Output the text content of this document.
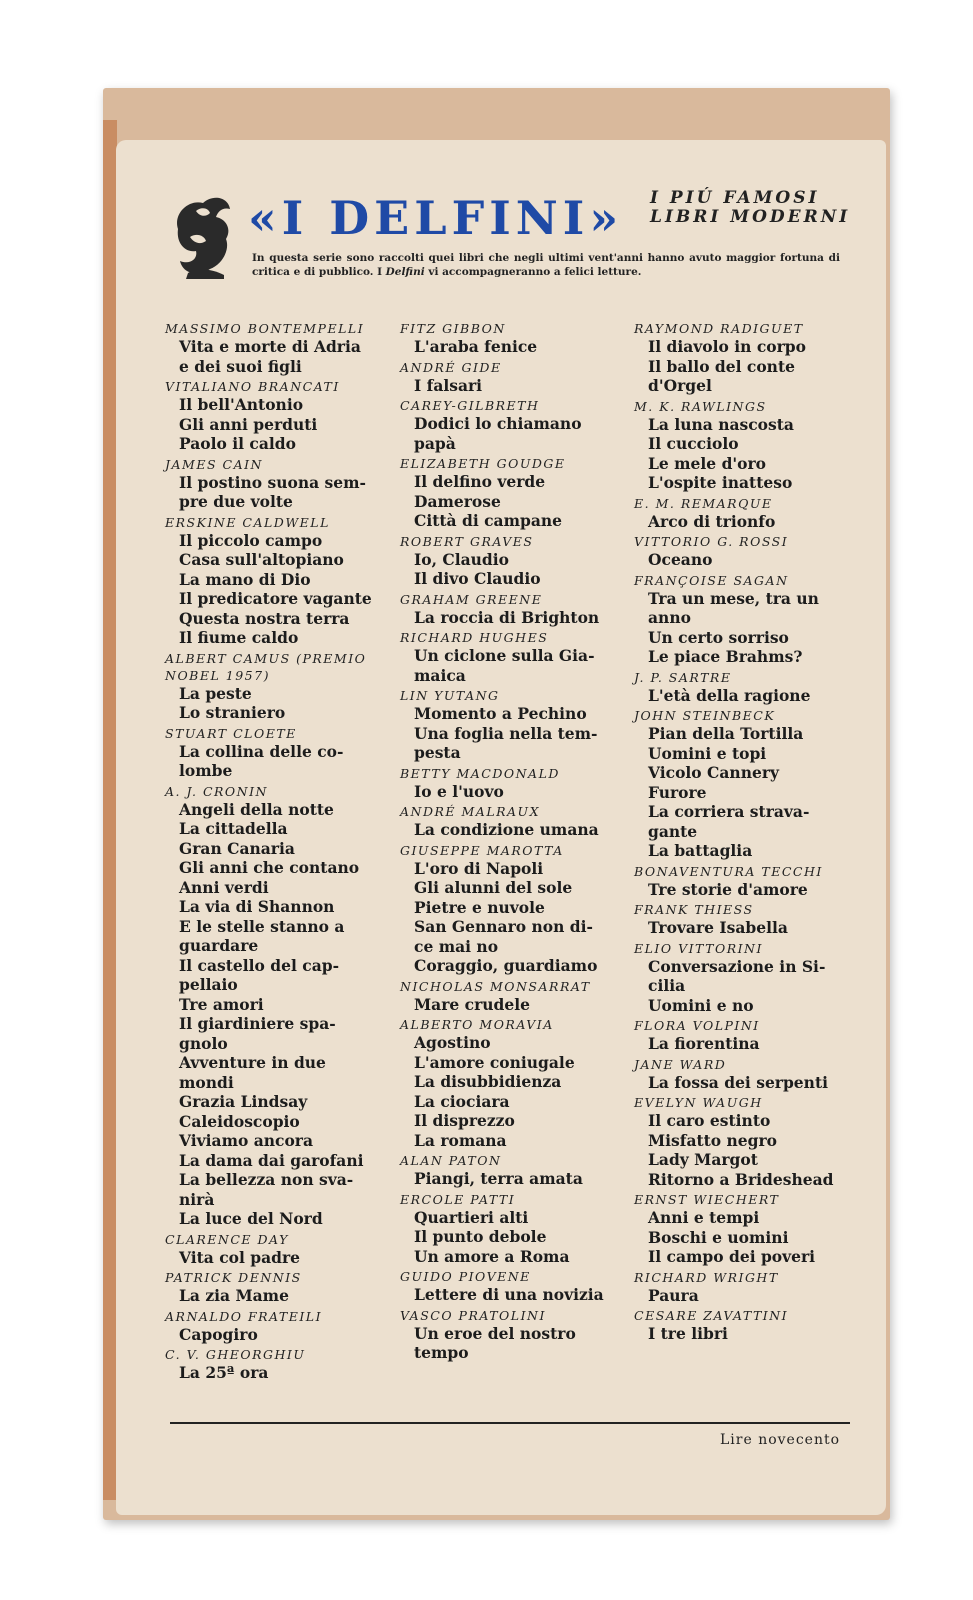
«I DELFINI» I PIÚ FAMOSI
LIBRI MODERNI
In questa serie sono raccolti quei libri che negli ultimi vent'anni hanno avuto maggior fortuna di critica e di pubblico. I Delfini vi accompagneranno a felici letture.
MASSIMO BONTEMPELLI
Vita e morte di Adria
e dei suoi figli
VITALIANO BRANCATI
Il bell'Antonio
Gli anni perduti
Paolo il caldo
JAMES CAIN
Il postino suona sem-
pre due volte
ERSKINE CALDWELL
Il piccolo campo
Casa sull'altopiano
La mano di Dio
Il predicatore vagante
Questa nostra terra
Il fiume caldo
ALBERT CAMUS (PREMIO NOBEL 1957)
La peste
Lo straniero
STUART CLOETE
La collina delle co-
lombe
A. J. CRONIN
Angeli della notte
La cittadella
Gran Canaria
Gli anni che contano
Anni verdi
La via di Shannon
E le stelle stanno a
guardare
Il castello del cap-
pellaio
Tre amori
Il giardiniere spa-
gnolo
Avventure in due
mondi
Grazia Lindsay
Caleidoscopio
Viviamo ancora
La dama dai garofani
La bellezza non sva-
nirà
La luce del Nord
CLARENCE DAY
Vita col padre
PATRICK DENNIS
La zia Mame
ARNALDO FRATEILI
Capogiro
C. V. GHEORGHIU
La 25ª ora
FITZ GIBBON
L'araba fenice
ANDRÉ GIDE
I falsari
CAREY-GILBRETH
Dodici lo chiamano
papà
ELIZABETH GOUDGE
Il delfino verde
Damerose
Città di campane
ROBERT GRAVES
Io, Claudio
Il divo Claudio
GRAHAM GREENE
La roccia di Brighton
RICHARD HUGHES
Un ciclone sulla Gia-
maica
LIN YUTANG
Momento a Pechino
Una foglia nella tem-
pesta
BETTY MACDONALD
Io e l'uovo
ANDRÉ MALRAUX
La condizione umana
GIUSEPPE MAROTTA
L'oro di Napoli
Gli alunni del sole
Pietre e nuvole
San Gennaro non di-
ce mai no
Coraggio, guardiamo
NICHOLAS MONSARRAT
Mare crudele
ALBERTO MORAVIA
Agostino
L'amore coniugale
La disubbidienza
La ciociara
Il disprezzo
La romana
ALAN PATON
Piangi, terra amata
ERCOLE PATTI
Quartieri alti
Il punto debole
Un amore a Roma
GUIDO PIOVENE
Lettere di una novizia
VASCO PRATOLINI
Un eroe del nostro
tempo
RAYMOND RADIGUET
Il diavolo in corpo
Il ballo del conte
d'Orgel
M. K. RAWLINGS
La luna nascosta
Il cucciolo
Le mele d'oro
L'ospite inatteso
E. M. REMARQUE
Arco di trionfo
VITTORIO G. ROSSI
Oceano
FRANÇOISE SAGAN
Tra un mese, tra un
anno
Un certo sorriso
Le piace Brahms?
J. P. SARTRE
L'età della ragione
JOHN STEINBECK
Pian della Tortilla
Uomini e topi
Vicolo Cannery
Furore
La corriera strava-
gante
La battaglia
BONAVENTURA TECCHI
Tre storie d'amore
FRANK THIESS
Trovare Isabella
ELIO VITTORINI
Conversazione in Si-
cilia
Uomini e no
FLORA VOLPINI
La fiorentina
JANE WARD
La fossa dei serpenti
EVELYN WAUGH
Il caro estinto
Misfatto negro
Lady Margot
Ritorno a Brideshead
ERNST WIECHERT
Anni e tempi
Boschi e uomini
Il campo dei poveri
RICHARD WRIGHT
Paura
CESARE ZAVATTINI
I tre libri
Lire novecento
